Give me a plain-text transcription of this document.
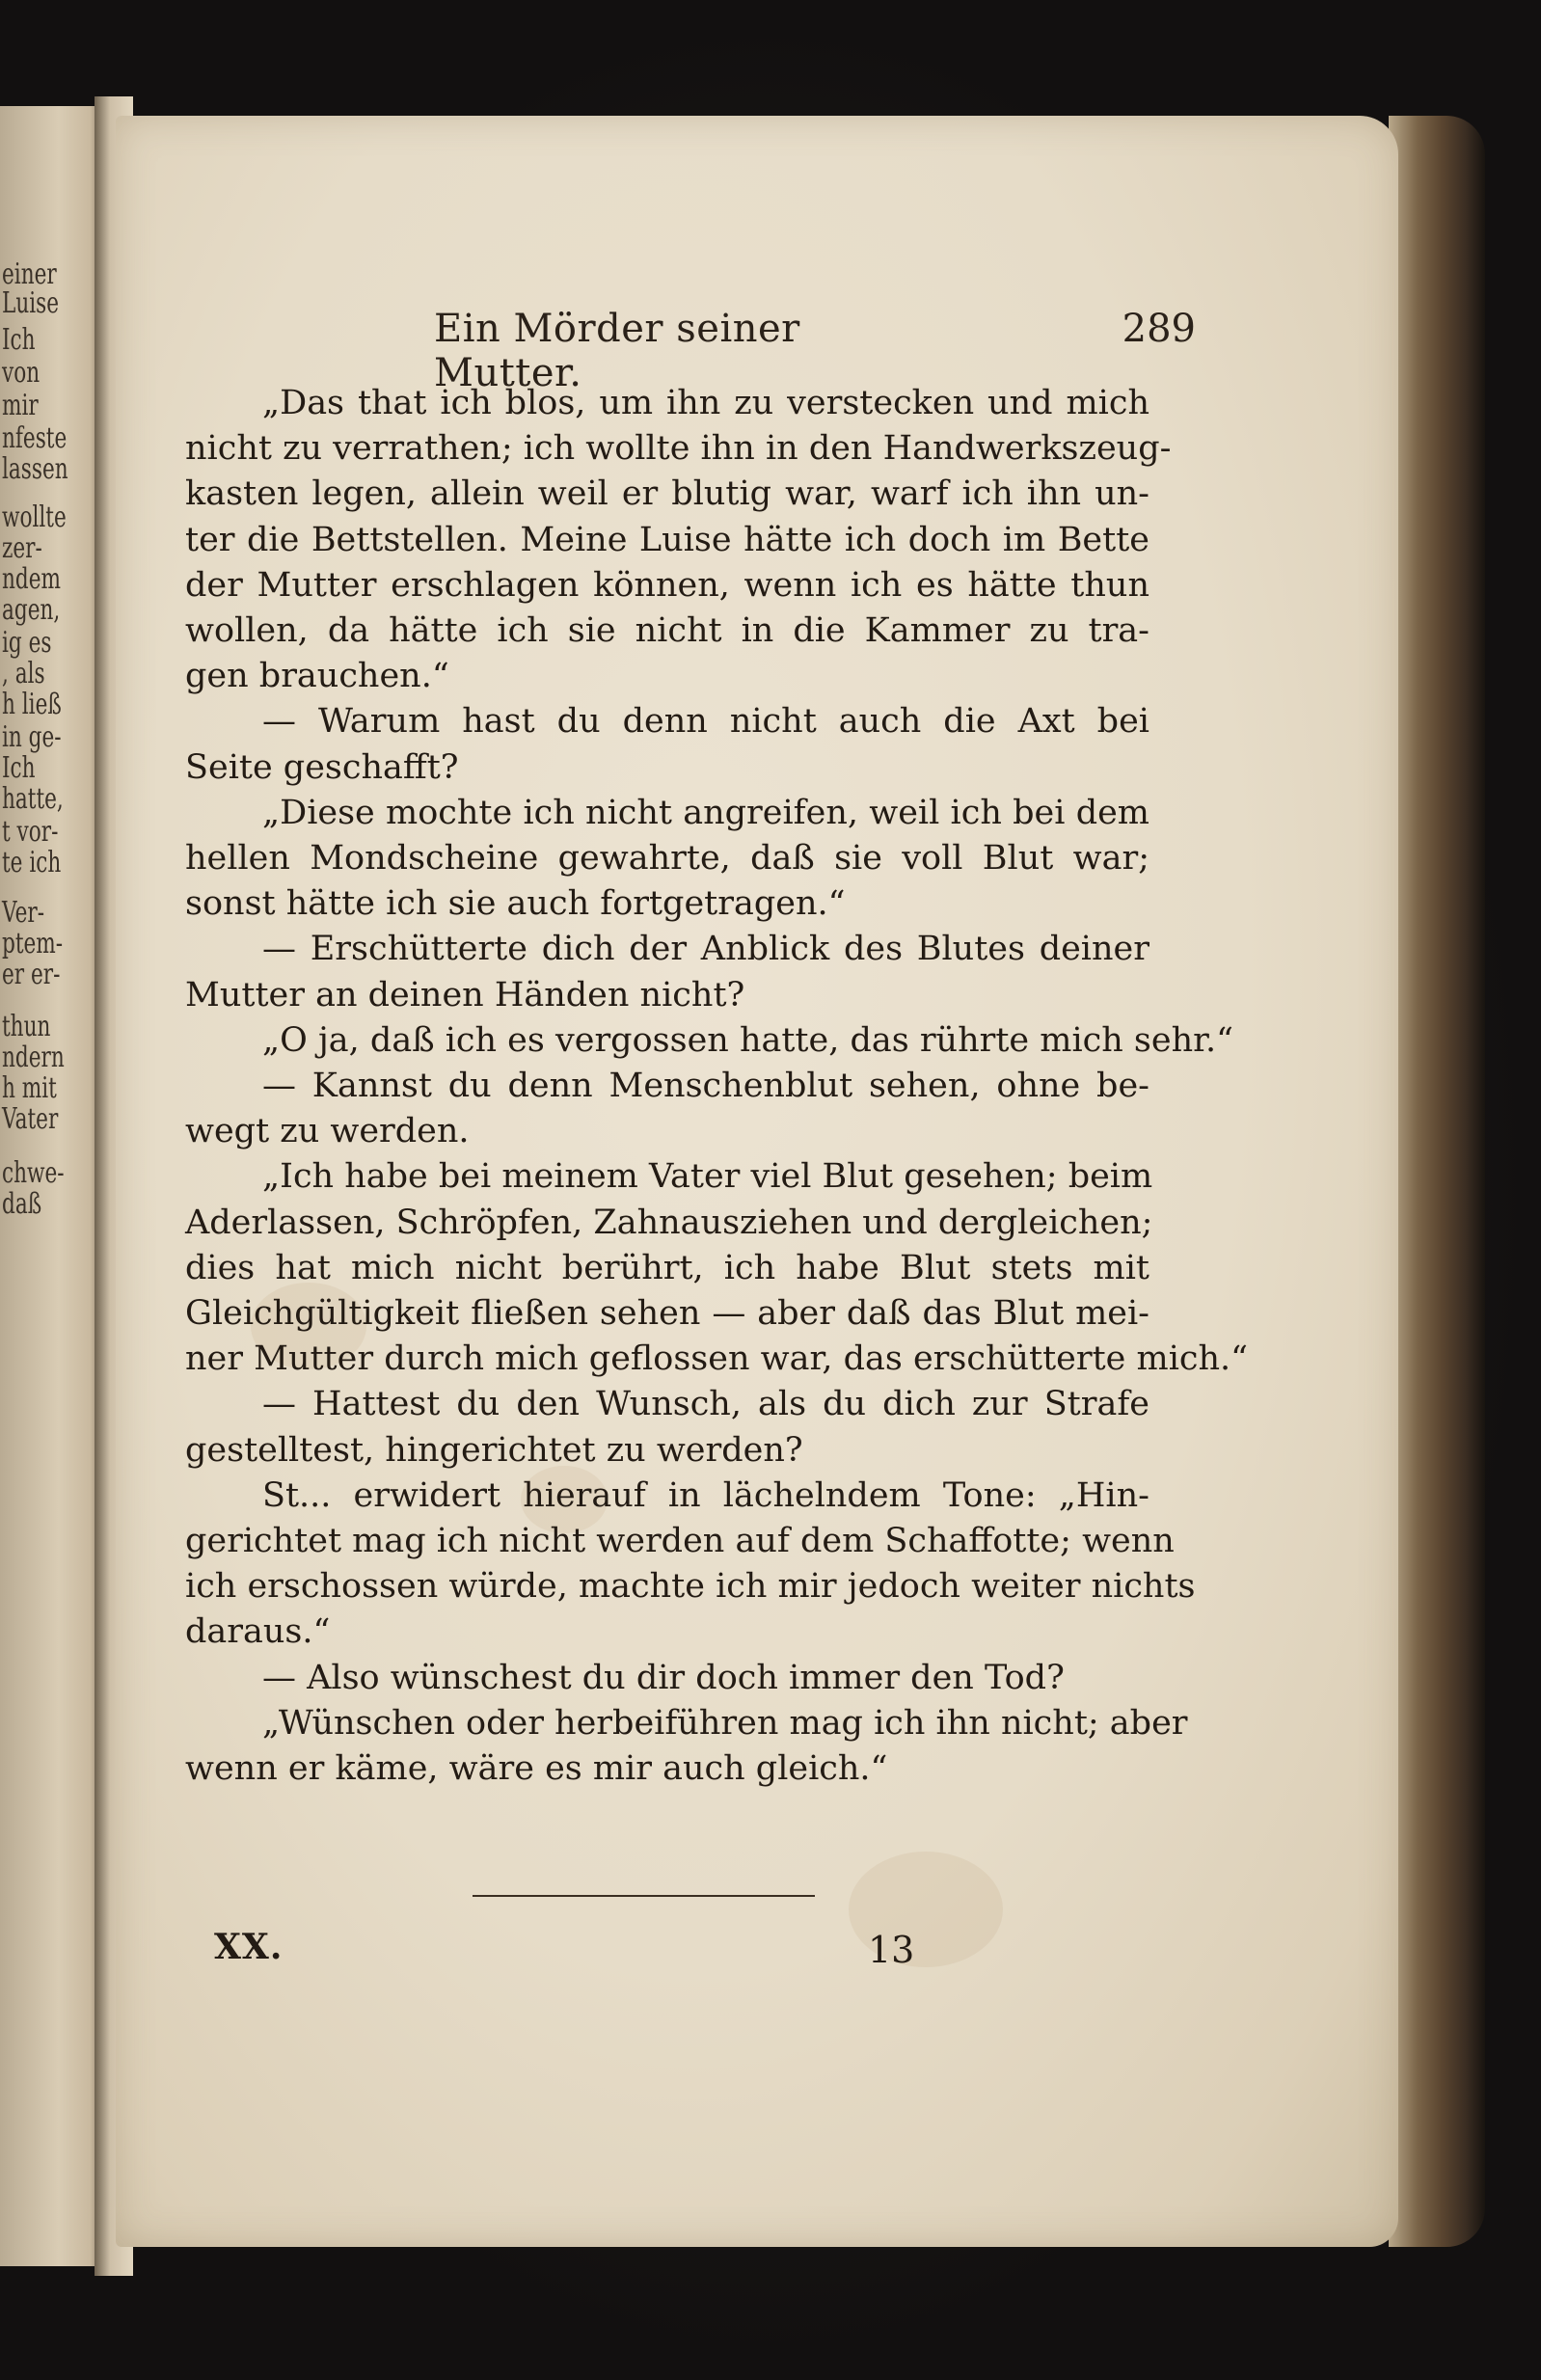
einer
Luise
Ich
von
mir
nfeste
lassen
wollte
zer-
ndem
agen,
ig es
, als
h ließ
in ge-
Ich
hatte,
t vor-
te ich
Ver-
ptem-
er er-
thun
ndern
h mit
Vater
chwe-
daß
Ein Mörder seiner Mutter.
289
„Das that ich blos, um ihn zu verstecken und mich
nicht zu verrathen; ich wollte ihn in den Handwerkszeug-
kasten legen, allein weil er blutig war, warf ich ihn un-
ter die Bettstellen. Meine Luise hätte ich doch im Bette
der Mutter erschlagen können, wenn ich es hätte thun
wollen, da hätte ich sie nicht in die Kammer zu tra-
gen brauchen.“
— Warum hast du denn nicht auch die Axt bei
Seite geschafft?
„Diese mochte ich nicht angreifen, weil ich bei dem
hellen Mondscheine gewahrte, daß sie voll Blut war;
sonst hätte ich sie auch fortgetragen.“
— Erschütterte dich der Anblick des Blutes deiner
Mutter an deinen Händen nicht?
„O ja, daß ich es vergossen hatte, das rührte mich sehr.“
— Kannst du denn Menschenblut sehen, ohne be-
wegt zu werden.
„Ich habe bei meinem Vater viel Blut gesehen; beim
Aderlassen, Schröpfen, Zahnausziehen und dergleichen;
dies hat mich nicht berührt, ich habe Blut stets mit
Gleichgültigkeit fließen sehen — aber daß das Blut mei-
ner Mutter durch mich geflossen war, das erschütterte mich.“
— Hattest du den Wunsch, als du dich zur Strafe
gestelltest, hingerichtet zu werden?
St... erwidert hierauf in lächelndem Tone: „Hin-
gerichtet mag ich nicht werden auf dem Schaffotte; wenn
ich erschossen würde, machte ich mir jedoch weiter nichts
daraus.“
— Also wünschest du dir doch immer den Tod?
„Wünschen oder herbeiführen mag ich ihn nicht; aber
wenn er käme, wäre es mir auch gleich.“
XX.	13
